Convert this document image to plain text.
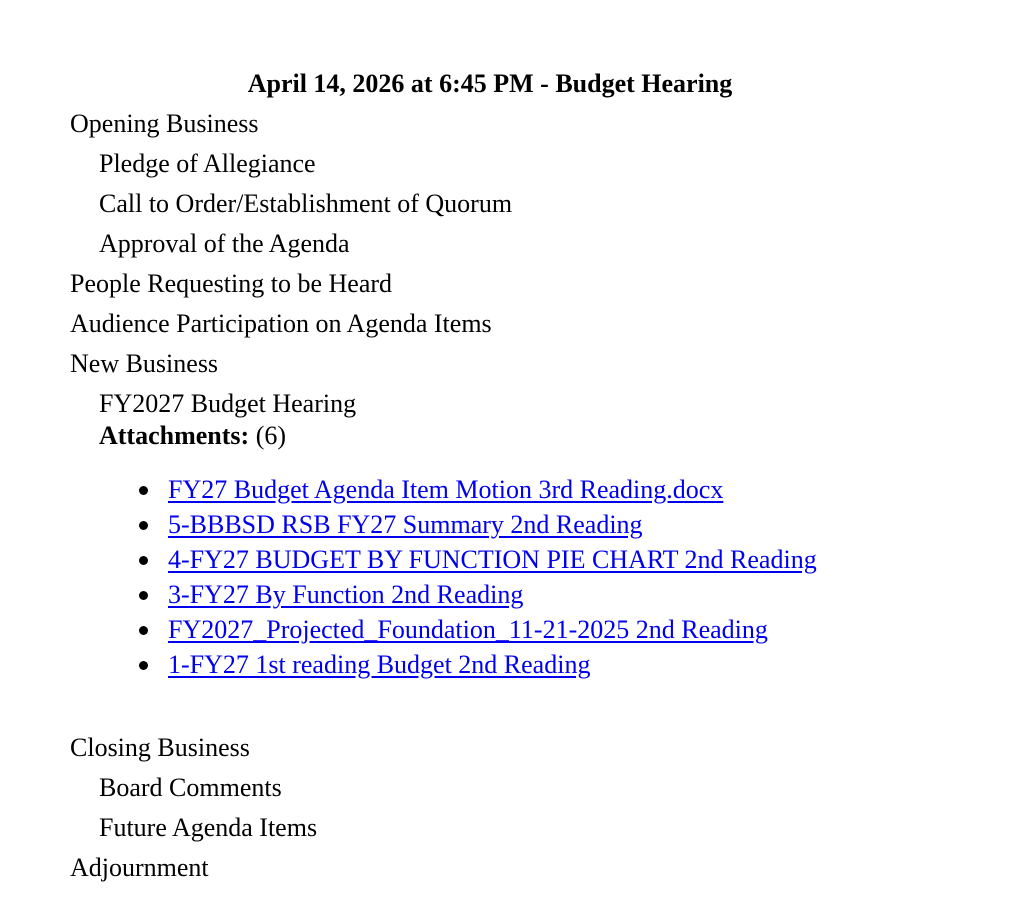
April 14, 2026 at 6:45 PM - Budget Hearing
Opening Business
Pledge of Allegiance
Call to Order/Establishment of Quorum
Approval of the Agenda
People Requesting to be Heard
Audience Participation on Agenda Items
New Business
FY2027 Budget Hearing
Attachments: (6)
FY27 Budget Agenda Item Motion 3rd Reading.docx
5-BBBSD RSB FY27 Summary 2nd Reading
4-FY27 BUDGET BY FUNCTION PIE CHART 2nd Reading
3-FY27 By Function 2nd Reading
FY2027_Projected_Foundation_11-21-2025 2nd Reading
1-FY27 1st reading Budget 2nd Reading
Closing Business
Board Comments
Future Agenda Items
Adjournment
